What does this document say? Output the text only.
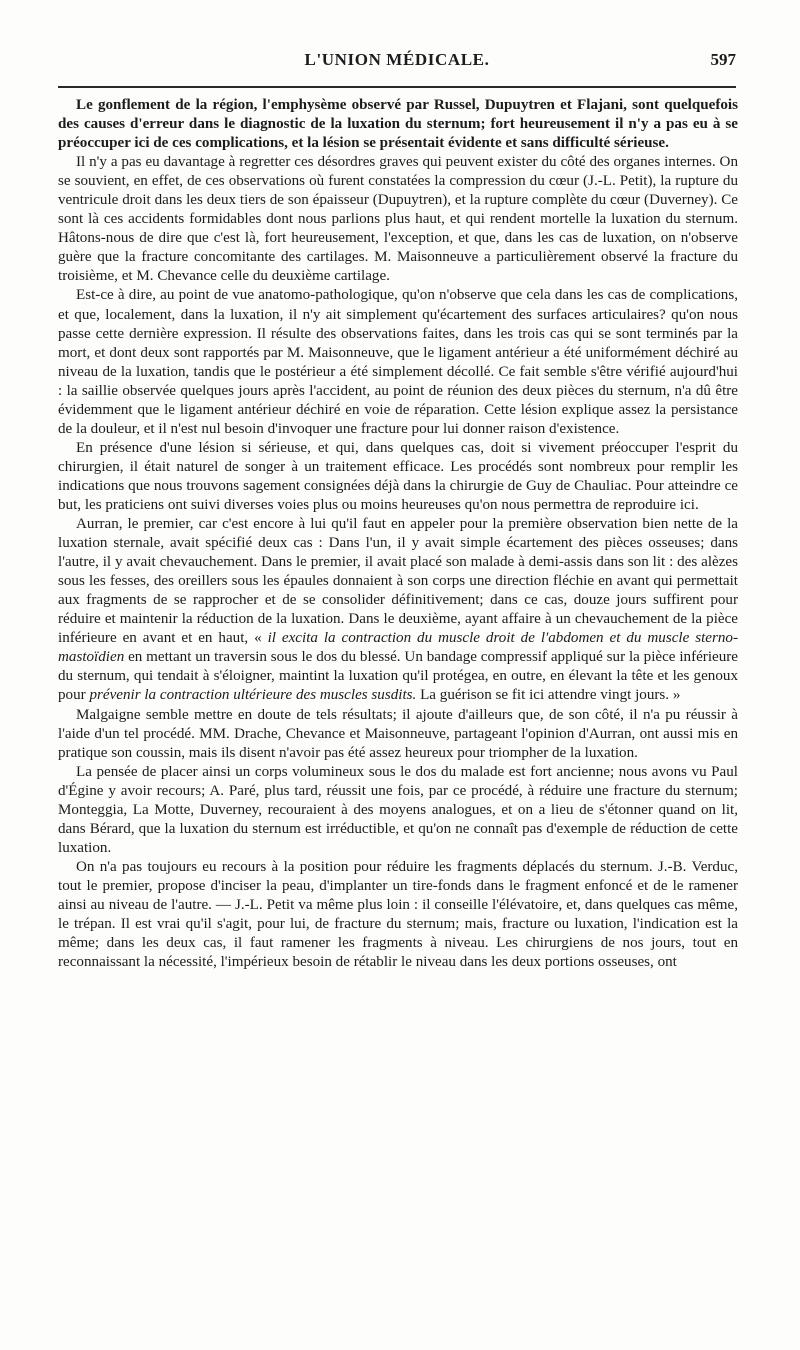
L'UNION MÉDICALE.	597

Le gonflement de la région, l'emphysème observé par Russel, Dupuytren et Flajani, sont quelquefois des causes d'erreur dans le diagnostic de la luxation du sternum; fort heureusement il n'y a pas eu à se préoccuper ici de ces complications, et la lésion se présentait évidente et sans difficulté sérieuse.

Il n'y a pas eu davantage à regretter ces désordres graves qui peuvent exister du côté des organes internes. On se souvient, en effet, de ces observations où furent constatées la compression du cœur (J.-L. Petit), la rupture du ventricule droit dans les deux tiers de son épaisseur (Dupuytren), et la rupture complète du cœur (Duverney). Ce sont là ces accidents formidables dont nous parlions plus haut, et qui rendent mortelle la luxation du sternum. Hâtons-nous de dire que c'est là, fort heureusement, l'exception, et que, dans les cas de luxation, on n'observe guère que la fracture concomitante des cartilages. M. Maisonneuve a particulièrement observé la fracture du troisième, et M. Chevance celle du deuxième cartilage.

Est-ce à dire, au point de vue anatomo-pathologique, qu'on n'observe que cela dans les cas de complications, et que, localement, dans la luxation, il n'y ait simplement qu'écartement des surfaces articulaires? qu'on nous passe cette dernière expression. Il résulte des observations faites, dans les trois cas qui se sont terminés par la mort, et dont deux sont rapportés par M. Maisonneuve, que le ligament antérieur a été uniformément déchiré au niveau de la luxation, tandis que le postérieur a été simplement décollé. Ce fait semble s'être vérifié aujourd'hui : la saillie observée quelques jours après l'accident, au point de réunion des deux pièces du sternum, n'a dû être évidemment que le ligament antérieur déchiré en voie de réparation. Cette lésion explique assez la persistance de la douleur, et il n'est nul besoin d'invoquer une fracture pour lui donner raison d'existence.

En présence d'une lésion si sérieuse, et qui, dans quelques cas, doit si vivement préoccuper l'esprit du chirurgien, il était naturel de songer à un traitement efficace. Les procédés sont nombreux pour remplir les indications que nous trouvons sagement consignées déjà dans la chirurgie de Guy de Chauliac. Pour atteindre ce but, les praticiens ont suivi diverses voies plus ou moins heureuses qu'on nous permettra de reproduire ici.

Aurran, le premier, car c'est encore à lui qu'il faut en appeler pour la première observation bien nette de la luxation sternale, avait spécifié deux cas : Dans l'un, il y avait simple écartement des pièces osseuses; dans l'autre, il y avait chevauchement. Dans le premier, il avait placé son malade à demi-assis dans son lit : des alèzes sous les fesses, des oreillers sous les épaules donnaient à son corps une direction fléchie en avant qui permettait aux fragments de se rapprocher et de se consolider définitivement; dans ce cas, douze jours suffirent pour réduire et maintenir la réduction de la luxation. Dans le deuxième, ayant affaire à un chevauchement de la pièce inférieure en avant et en haut, « il excita la contraction du muscle droit de l'abdomen et du muscle sterno-mastoïdien en mettant un traversin sous le dos du blessé. Un bandage compressif appliqué sur la pièce inférieure du sternum, qui tendait à s'éloigner, maintint la luxation qu'il protégea, en outre, en élevant la tête et les genoux pour prévenir la contraction ultérieure des muscles susdits. La guérison se fit ici attendre vingt jours. »

Malgaigne semble mettre en doute de tels résultats; il ajoute d'ailleurs que, de son côté, il n'a pu réussir à l'aide d'un tel procédé. MM. Drache, Chevance et Maisonneuve, partageant l'opinion d'Aurran, ont aussi mis en pratique son coussin, mais ils disent n'avoir pas été assez heureux pour triompher de la luxation.

La pensée de placer ainsi un corps volumineux sous le dos du malade est fort ancienne; nous avons vu Paul d'Égine y avoir recours; A. Paré, plus tard, réussit une fois, par ce procédé, à réduire une fracture du sternum; Monteggia, La Motte, Duverney, recouraient à des moyens analogues, et on a lieu de s'étonner quand on lit, dans Bérard, que la luxation du sternum est irréductible, et qu'on ne connaît pas d'exemple de réduction de cette luxation.

On n'a pas toujours eu recours à la position pour réduire les fragments déplacés du sternum. J.-B. Verduc, tout le premier, propose d'inciser la peau, d'implanter un tire-fonds dans le fragment enfoncé et de le ramener ainsi au niveau de l'autre. — J.-L. Petit va même plus loin : il conseille l'élévatoire, et, dans quelques cas même, le trépan. Il est vrai qu'il s'agit, pour lui, de fracture du sternum; mais, fracture ou luxation, l'indication est la même; dans les deux cas, il faut ramener les fragments à niveau. Les chirurgiens de nos jours, tout en reconnaissant la nécessité, l'impérieux besoin de rétablir le niveau dans les deux portions osseuses, ont
